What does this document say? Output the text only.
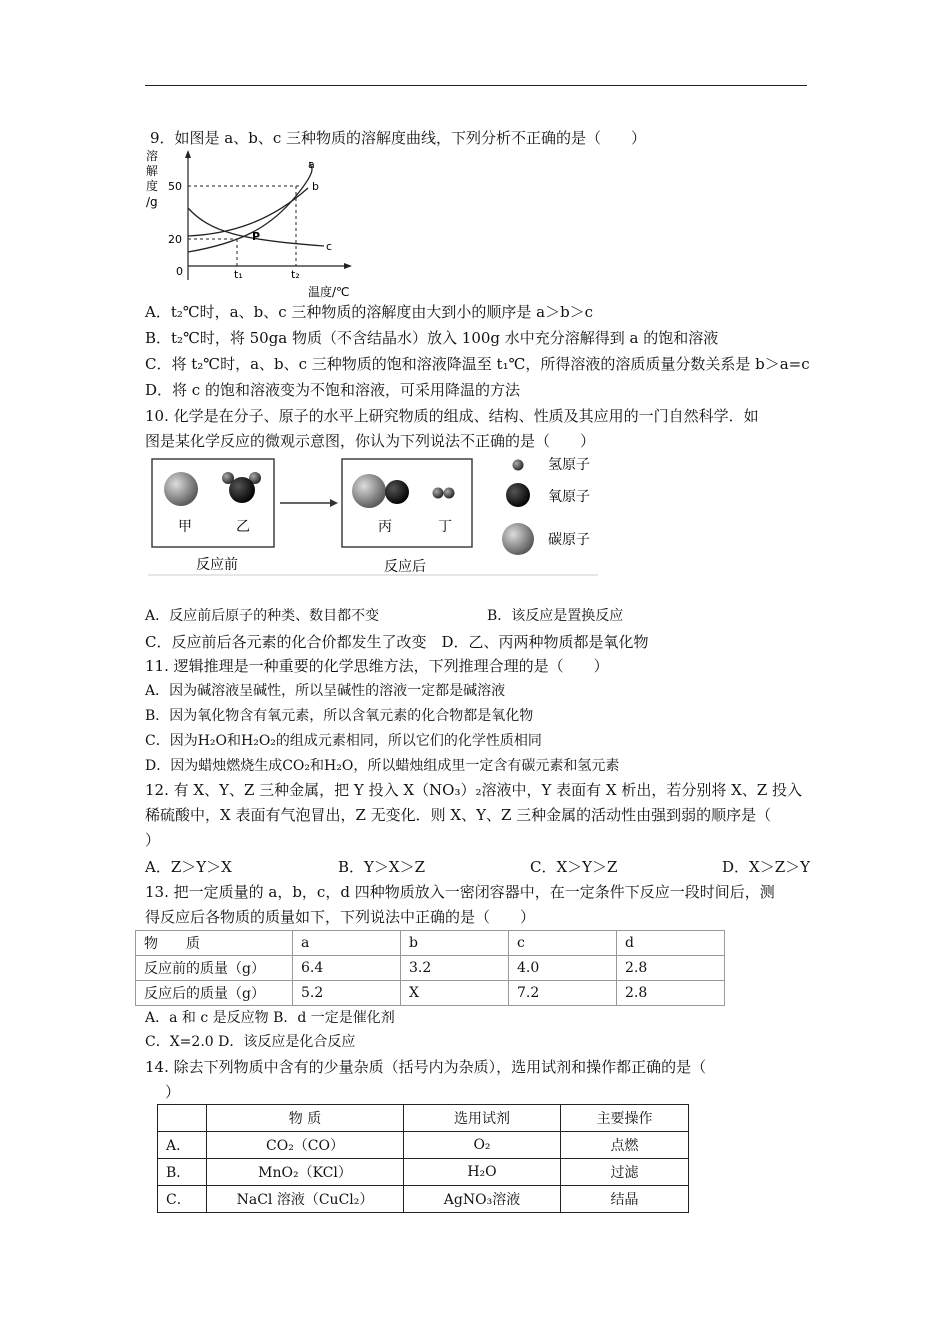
9．如图是 a、b、c 三种物质的溶解度曲线，下列分析不正确的是（　　）
溶
解
度
/g
50
20
0	t₁	t₂
温度/℃
a
b
c
P
A．t₂℃时，a、b、c 三种物质的溶解度由大到小的顺序是 a＞b＞c
B．t₂℃时，将 50ga 物质（不含结晶水）放入 100g 水中充分溶解得到 a 的饱和溶液
C．将 t₂℃时，a、b、c 三种物质的饱和溶液降温至 t₁℃，所得溶液的溶质质量分数关系是 b＞a=c
D．将 c 的饱和溶液变为不饱和溶液，可采用降温的方法
10. 化学是在分子、原子的水平上研究物质的组成、结构、性质及其应用的一门自然科学．如
图是某化学反应的微观示意图，你认为下列说法不正确的是（　　）
甲	乙	丙	丁
反应前	反应后
氢原子
氧原子
碳原子
A．反应前后原子的种类、数目都不变	B．该反应是置换反应
C．反应前后各元素的化合价都发生了改变　D．乙、丙两种物质都是氧化物
11. 逻辑推理是一种重要的化学思维方法，下列推理合理的是（　　）
A．因为碱溶液呈碱性，所以呈碱性的溶液一定都是碱溶液
B．因为氧化物含有氧元素，所以含氧元素的化合物都是氧化物
C．因为H₂O和H₂O₂的组成元素相同，所以它们的化学性质相同
D．因为蜡烛燃烧生成CO₂和H₂O，所以蜡烛组成里一定含有碳元素和氢元素
12. 有 X、Y、Z 三种金属，把 Y 投入 X（NO₃）₂溶液中，Y 表面有 X 析出，若分别将 X、Z 投入
稀硫酸中，X 表面有气泡冒出，Z 无变化．则 X、Y、Z 三种金属的活动性由强到弱的顺序是（
）
A．Z＞Y＞X	B．Y＞X＞Z	C．X＞Y＞Z	D．X＞Z＞Y
13. 把一定质量的 a，b，c，d 四种物质放入一密闭容器中，在一定条件下反应一段时间后，测
得反应后各物质的质量如下，下列说法中正确的是（　　）
物　　质	a	b	c	d
反应前的质量（g）	6.4	3.2	4.0	2.8
反应后的质量（g）	5.2	X	7.2	2.8
A．a 和 c 是反应物 B．d 一定是催化剂
C．X=2.0 D．该反应是化合反应
14. 除去下列物质中含有的少量杂质（括号内为杂质），选用试剂和操作都正确的是（
）
	物 质	选用试剂	主要操作
A．	CO₂（CO）	O₂	点燃
B．	MnO₂（KCl）	H₂O	过滤
C．	NaCl 溶液（CuCl₂）	AgNO₃溶液	结晶
